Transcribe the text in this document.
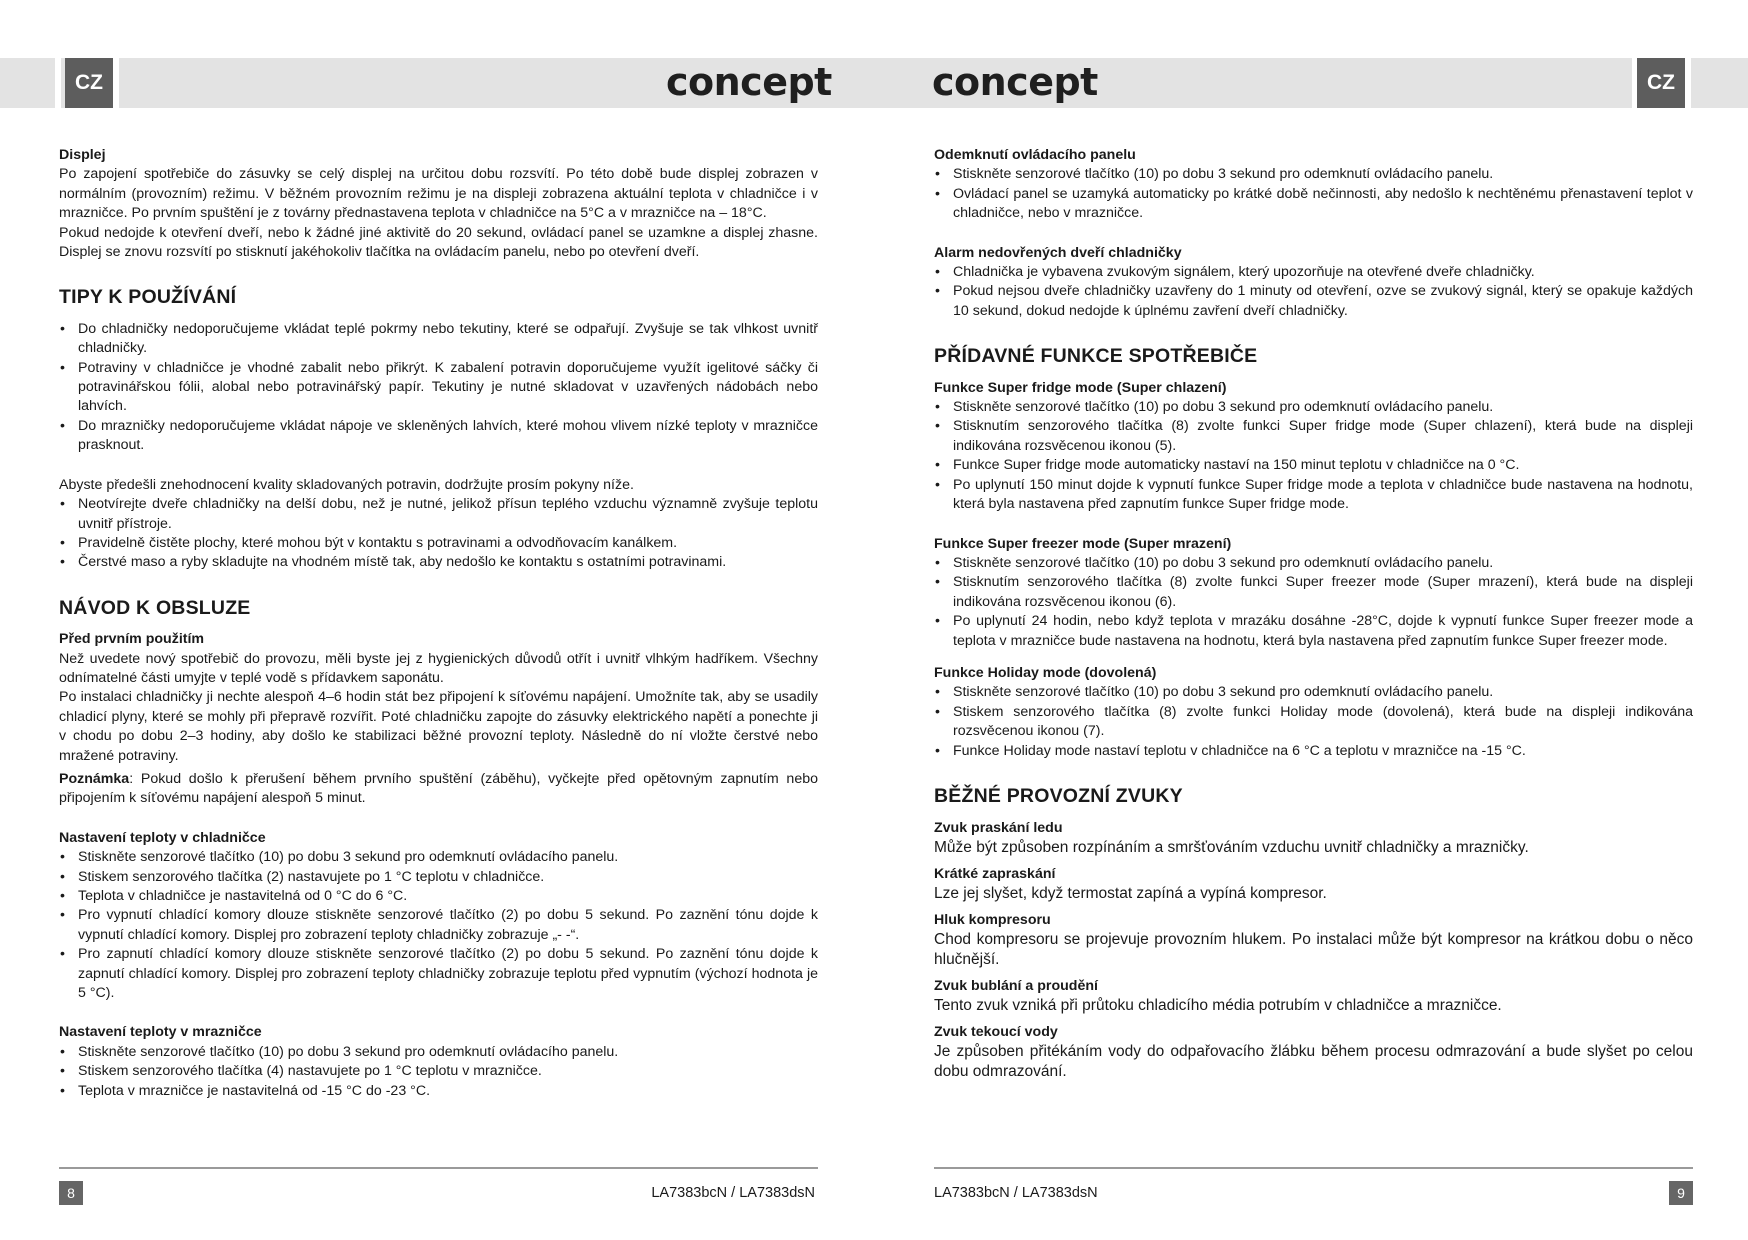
CZ	concept
Displej

Po zapojení spotřebiče do zásuvky se celý displej na určitou dobu rozsvítí. Po této době bude displej zobrazen v normálním (provozním) režimu. V běžném provozním režimu je na displeji zobrazena aktuální teplota v chladničce i v mrazničce. Po prvním spuštění je z továrny přednastavena teplota v chladničce na 5°C a v mrazničce na – 18°C.

Pokud nedojde k otevření dveří, nebo k žádné jiné aktivitě do 20 sekund, ovládací panel se uzamkne a displej zhasne. Displej se znovu rozsvítí po stisknutí jakéhokoliv tlačítka na ovládacím panelu, nebo po otevření dveří.

TIPY K POUŽÍVÁNÍ
• Do chladničky nedoporučujeme vkládat teplé pokrmy nebo tekutiny, které se odpařují. Zvyšuje se tak vlhkost uvnitř chladničky.
• Potraviny v chladničce je vhodné zabalit nebo přikrýt. K zabalení potravin doporučujeme využít igelitové sáčky či potravinářskou fólii, alobal nebo potravinářský papír. Tekutiny je nutné skladovat v uzavřených nádobách nebo lahvích.
• Do mrazničky nedoporučujeme vkládat nápoje ve skleněných lahvích, které mohou vlivem nízké teploty v mrazničce prasknout.

Abyste předešli znehodnocení kvality skladovaných potravin, dodržujte prosím pokyny níže.

• Neotvírejte dveře chladničky na delší dobu, než je nutné, jelikož přísun teplého vzduchu významně zvyšuje teplotu uvnitř přístroje.
• Pravidelně čistěte plochy, které mohou být v kontaktu s potravinami a odvodňovacím kanálkem.
• Čerstvé maso a ryby skladujte na vhodném místě tak, aby nedošlo ke kontaktu s ostatními potravinami.
NÁVOD K OBSLUZE
Před prvním použitím

Než uvedete nový spotřebič do provozu, měli byste jej z hygienických důvodů otřít i uvnitř vlhkým hadříkem. Všechny odnímatelné části umyjte v teplé vodě s přídavkem saponátu.

Po instalaci chladničky ji nechte alespoň 4–6 hodin stát bez připojení k síťovému napájení. Umožníte tak, aby se usadily chladicí plyny, které se mohly při přepravě rozvířit. Poté chladničku zapojte do zásuvky elektrického napětí a ponechte ji v chodu po dobu 2–3 hodiny, aby došlo ke stabilizaci běžné provozní teploty. Následně do ní vložte čerstvé nebo mražené potraviny.

Poznámka: Pokud došlo k přerušení během prvního spuštění (záběhu), vyčkejte před opětovným zapnutím nebo připojením k síťovému napájení alespoň 5 minut.

Nastavení teploty v chladničce
• Stiskněte senzorové tlačítko (10) po dobu 3 sekund pro odemknutí ovládacího panelu.
• Stiskem senzorového tlačítka (2) nastavujete po 1 °C teplotu v chladničce.
• Teplota v chladničce je nastavitelná od 0 °C do 6 °C.
• Pro vypnutí chladící komory dlouze stiskněte senzorové tlačítko (2) po dobu 5 sekund. Po zaznění tónu dojde k vypnutí chladící komory. Displej pro zobrazení teploty chladničky zobrazuje „- -“.
• Pro zapnutí chladící komory dlouze stiskněte senzorové tlačítko (2) po dobu 5 sekund. Po zaznění tónu dojde k zapnutí chladící komory. Displej pro zobrazení teploty chladničky zobrazuje teplotu před vypnutím (výchozí hodnota je 5 °C).
Nastavení teploty v mrazničce
• Stiskněte senzorové tlačítko (10) po dobu 3 sekund pro odemknutí ovládacího panelu.
• Stiskem senzorového tlačítka (4) nastavujete po 1 °C teplotu v mrazničce.
• Teplota v mrazničce je nastavitelná od -15 °C do -23 °C.
8	LA7383bcN / LA7383dsN
concept	CZ
Odemknutí ovládacího panelu
• Stiskněte senzorové tlačítko (10) po dobu 3 sekund pro odemknutí ovládacího panelu.
• Ovládací panel se uzamyká automaticky po krátké době nečinnosti, aby nedošlo k nechtěnému přenastavení teplot v chladničce, nebo v mrazničce.
Alarm nedovřených dveří chladničky
• Chladnička je vybavena zvukovým signálem, který upozorňuje na otevřené dveře chladničky.
• Pokud nejsou dveře chladničky uzavřeny do 1 minuty od otevření, ozve se zvukový signál, který se opakuje každých 10 sekund, dokud nedojde k úplnému zavření dveří chladničky.
PŘÍDAVNÉ FUNKCE SPOTŘEBIČE
Funkce Super fridge mode (Super chlazení)
• Stiskněte senzorové tlačítko (10) po dobu 3 sekund pro odemknutí ovládacího panelu.
• Stisknutím senzorového tlačítka (8) zvolte funkci Super fridge mode (Super chlazení), která bude na displeji indikována rozsvěcenou ikonou (5).
• Funkce Super fridge mode automaticky nastaví na 150 minut teplotu v chladničce na 0 °C.
• Po uplynutí 150 minut dojde k vypnutí funkce Super fridge mode a teplota v chladničce bude nastavena na hodnotu, která byla nastavena před zapnutím funkce Super fridge mode.
Funkce Super freezer mode (Super mrazení)
• Stiskněte senzorové tlačítko (10) po dobu 3 sekund pro odemknutí ovládacího panelu.
• Stisknutím senzorového tlačítka (8) zvolte funkci Super freezer mode (Super mrazení), která bude na displeji indikována rozsvěcenou ikonou (6).
• Po uplynutí 24 hodin, nebo když teplota v mrazáku dosáhne -28°C, dojde k vypnutí funkce Super freezer mode a teplota v mrazničce bude nastavena na hodnotu, která byla nastavena před zapnutím funkce Super freezer mode.
Funkce Holiday mode (dovolená)
• Stiskněte senzorové tlačítko (10) po dobu 3 sekund pro odemknutí ovládacího panelu.
• Stiskem senzorového tlačítka (8) zvolte funkci Holiday mode (dovolená), která bude na displeji indikována rozsvěcenou ikonou (7).
• Funkce Holiday mode nastaví teplotu v chladničce na 6 °C a teplotu v mrazničce na -15 °C.
BĚŽNÉ PROVOZNÍ ZVUKY
Zvuk praskání ledu

Může být způsoben rozpínáním a smršťováním vzduchu uvnitř chladničky a mrazničky.

Krátké zapraskání

Lze jej slyšet, když termostat zapíná a vypíná kompresor.

Hluk kompresoru

Chod kompresoru se projevuje provozním hlukem. Po instalaci může být kompresor na krátkou dobu o něco hlučnější.

Zvuk bublání a proudění

Tento zvuk vzniká při průtoku chladicího média potrubím v chladničce a mrazničce.

Zvuk tekoucí vody

Je způsoben přitékáním vody do odpařovacího žlábku během procesu odmrazování a bude slyšet po celou dobu odmrazování.

LA7383bcN / LA7383dsN	9
